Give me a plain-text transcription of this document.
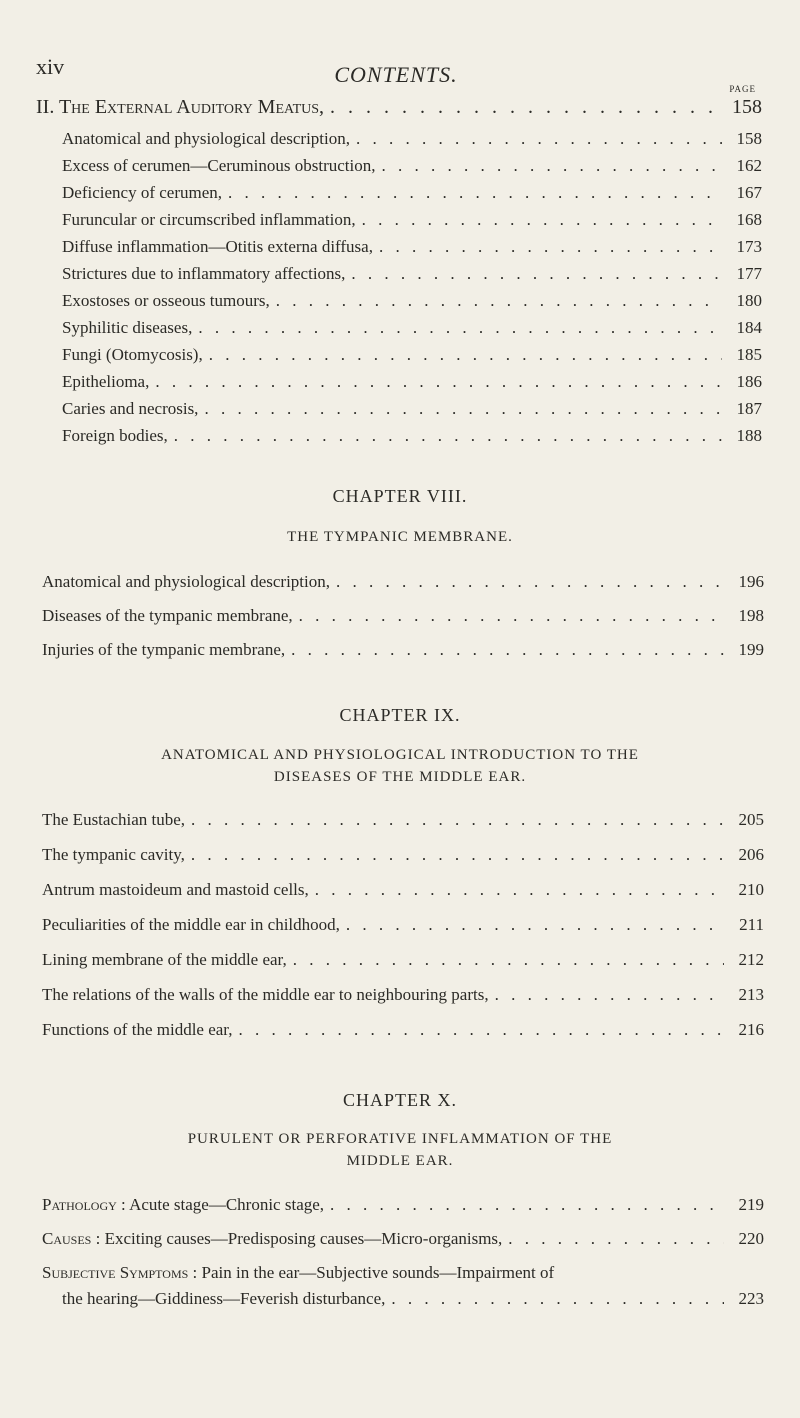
xiv	CONTENTS.
PAGE
II. The External Auditory Meatus, . . .	158
Anatomical and physiological description, . . .	158
Excess of cerumen—Ceruminous obstruction, . . .	162
Deficiency of cerumen, . . .	167
Furuncular or circumscribed inflammation, . . .	168
Diffuse inflammation—Otitis externa diffusa, . . .	173
Strictures due to inflammatory affections, . . .	177
Exostoses or osseous tumours, . . .	180
Syphilitic diseases, . . .	184
Fungi (Otomycosis), . . .	185
Epithelioma, . . .	186
Caries and necrosis, . . .	187
Foreign bodies, . . .	188
CHAPTER VIII.
THE TYMPANIC MEMBRANE.
Anatomical and physiological description, . . .	196
Diseases of the tympanic membrane, . . .	198
Injuries of the tympanic membrane, . . .	199
CHAPTER IX.
ANATOMICAL AND PHYSIOLOGICAL INTRODUCTION TO THE
DISEASES OF THE MIDDLE EAR.
The Eustachian tube, . . .	205
The tympanic cavity, . . .	206
Antrum mastoideum and mastoid cells, . . .	210
Peculiarities of the middle ear in childhood, . . .	211
Lining membrane of the middle ear, . . .	212
The relations of the walls of the middle ear to neighbouring parts, . . .	213
Functions of the middle ear, . . .	216
CHAPTER X.
PURULENT OR PERFORATIVE INFLAMMATION OF THE
MIDDLE EAR.
Pathology : Acute stage—Chronic stage, . . .	219
Causes : Exciting causes—Predisposing causes—Micro-organisms, . . .	220
Subjective Symptoms : Pain in the ear—Subjective sounds—Impairment of
the hearing—Giddiness—Feverish disturbance, . . .	223
